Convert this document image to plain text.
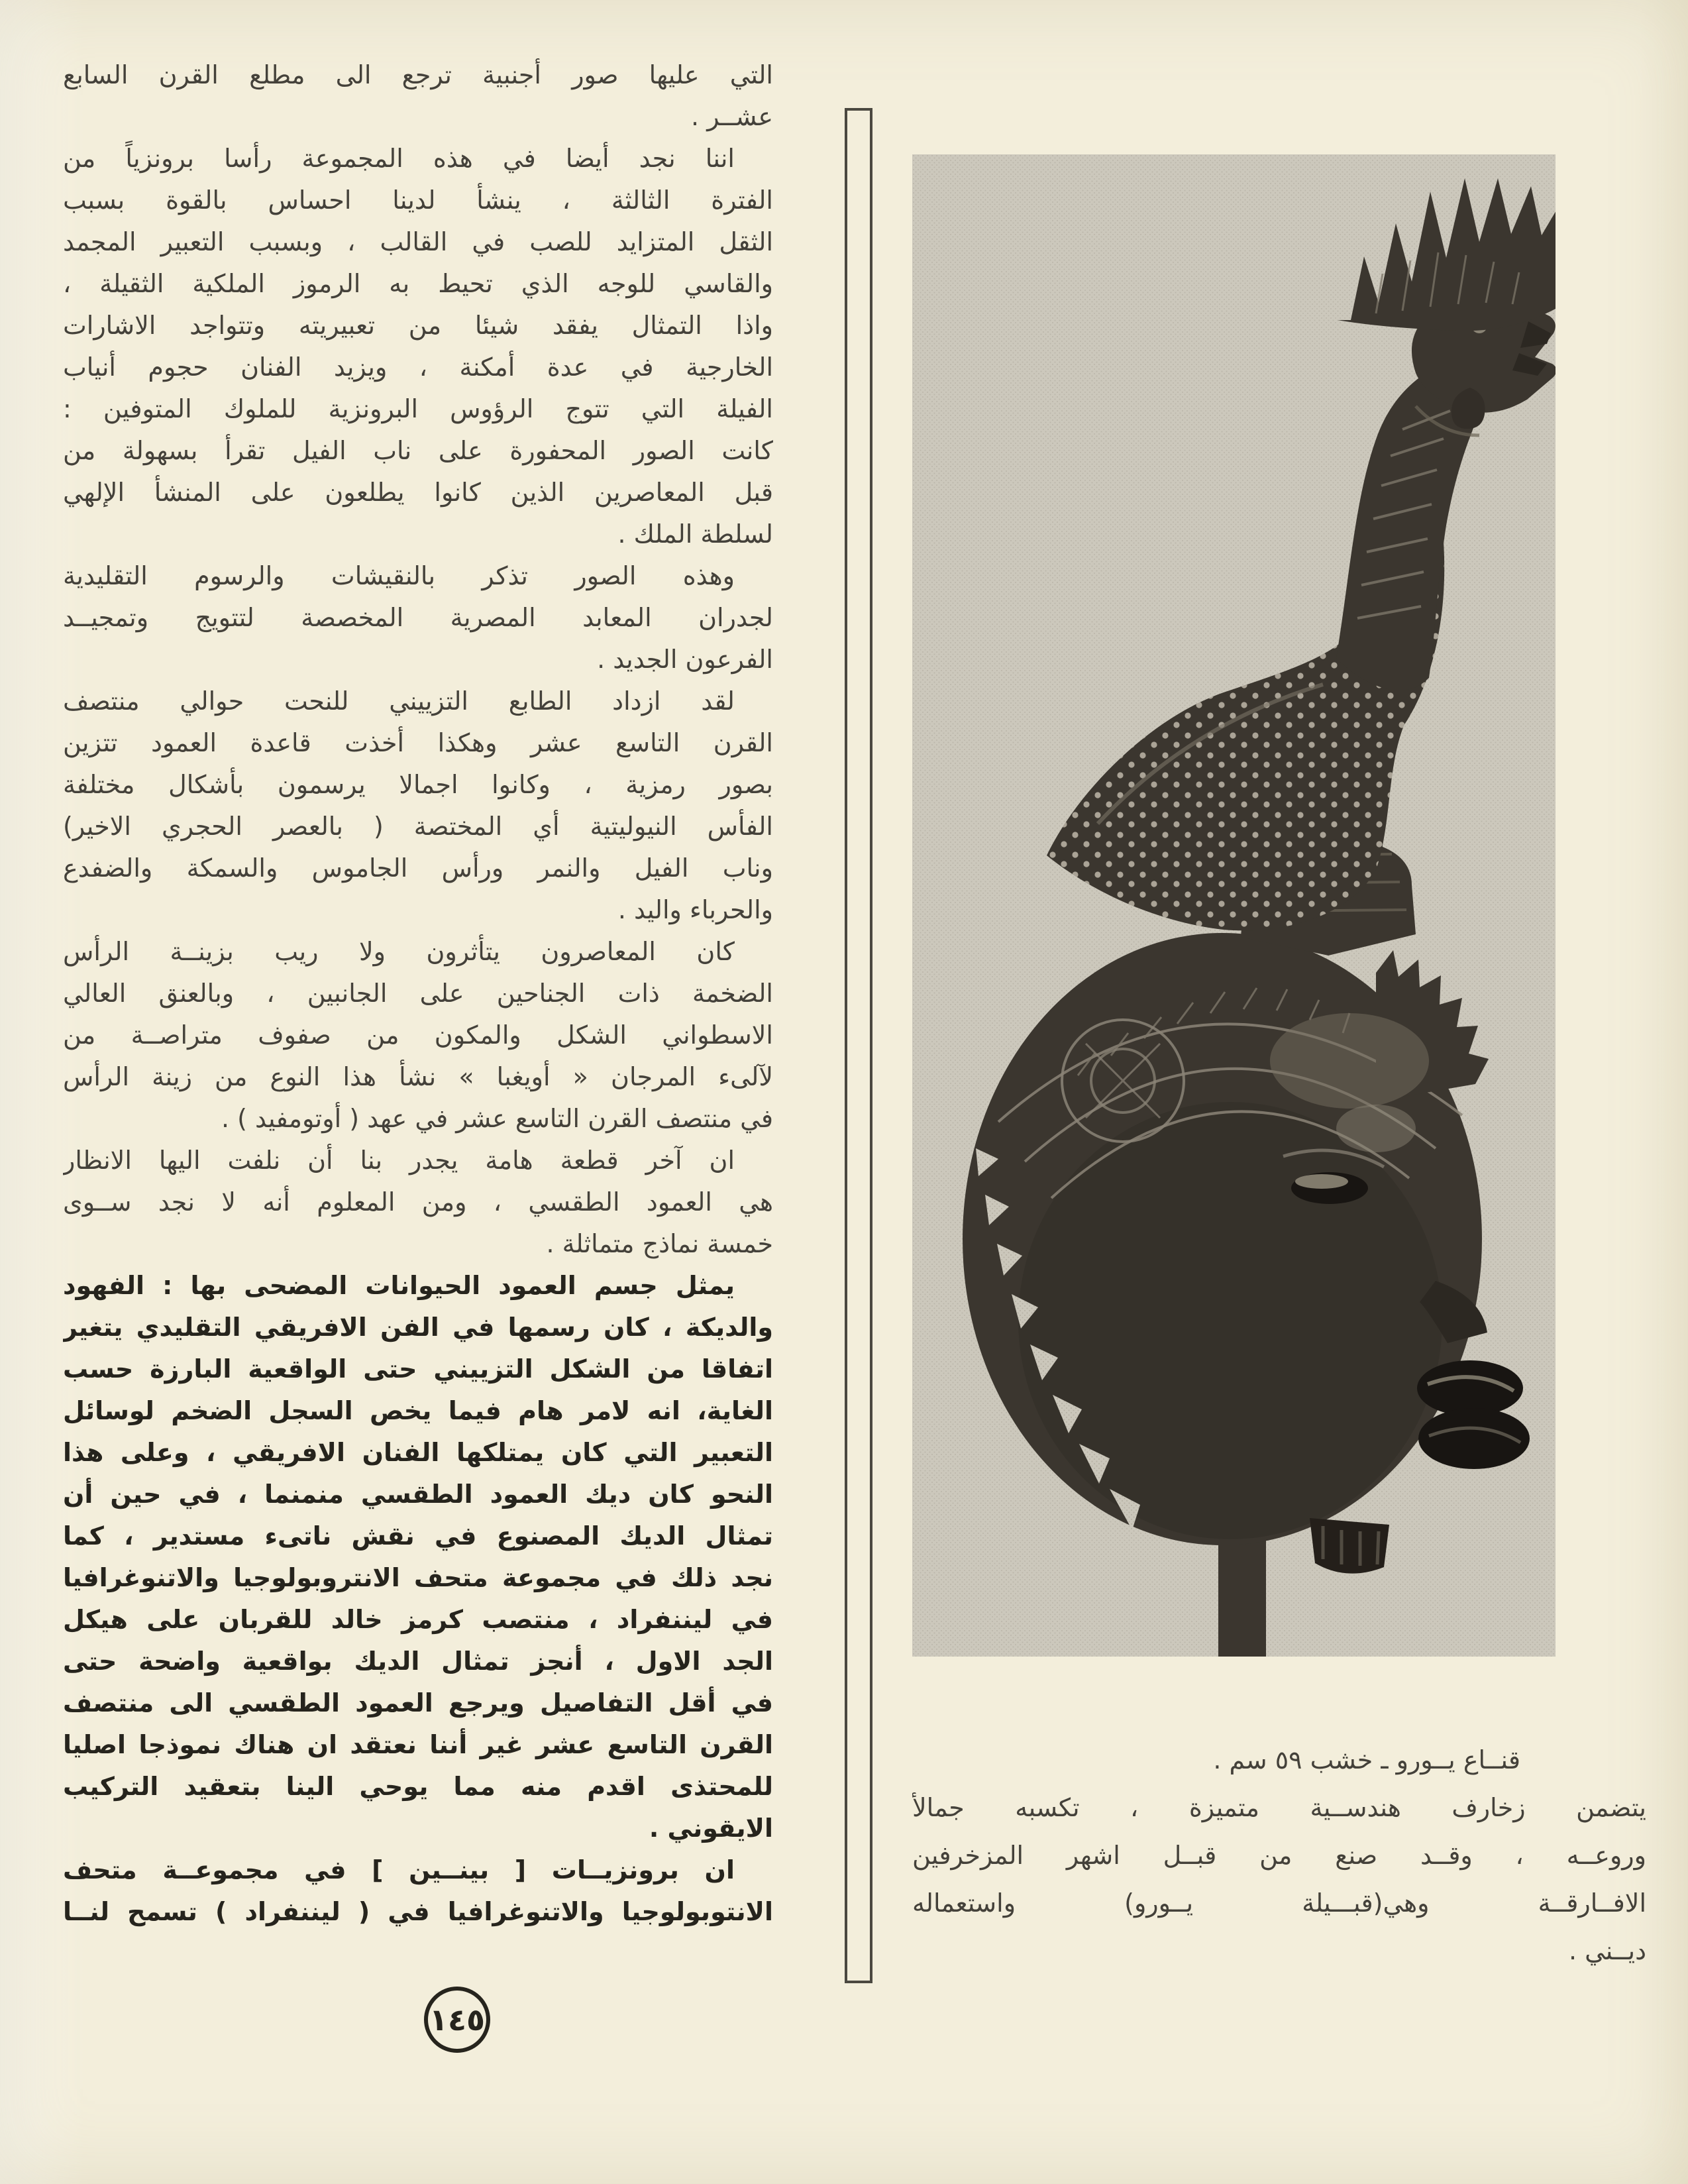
التي عليها صور أجنبية ترجع الى مطلع القرن السابع
عشــر .
اننا نجد أيضا في هذه المجموعة رأسا برونزياً من
الفترة الثالثة ، ينشأ لدينا احساس بالقوة بسبب
الثقل المتزايد للصب في القالب ، وبسبب التعبير المجمد
والقاسي للوجه الذي تحيط به الرموز الملكية الثقيلة ،
واذا التمثال يفقد شيئا من تعبيريته وتتواجد الاشارات
الخارجية في عدة أمكنة ، ويزيد الفنان حجوم أنياب
الفيلة التي تتوج الرؤوس البرونزية للملوك المتوفين :
كانت الصور المحفورة على ناب الفيل تقرأ بسهولة من
قبل المعاصرين الذين كانوا يطلعون على المنشأ الإلهي
لسلطة الملك .
وهذه الصور تذكر بالنقيشات والرسوم التقليدية
لجدران المعابد المصرية المخصصة لتتويج وتمجيــد
الفرعون الجديد .
لقد ازداد الطابع التزييني للنحت حوالي منتصف
القرن التاسع عشر وهكذا أخذت قاعدة العمود تتزين
بصور رمزية ، وكانوا اجمالا يرسمون بأشكال مختلفة
الفأس النيوليتية أي المختصة ( بالعصر الحجري الاخير)
وناب الفيل والنمر ورأس الجاموس والسمكة والضفدع
والحرباء واليد .
كان المعاصرون يتأثرون ولا ريب بزينــة الرأس
الضخمة ذات الجناحين على الجانبين ، وبالعنق العالي
الاسطواني الشكل والمكون من صفوف متراصــة من
لآلىء المرجان « أويغبا » نشأ هذا النوع من زينة الرأس
في منتصف القرن التاسع عشر في عهد ( أوتومفيد ) .
ان آخر قطعة هامة يجدر بنا أن نلفت اليها الانظار
هي العمود الطقسي ، ومن المعلوم أنه لا نجد ســوى
خمسة نماذج متماثلة .
يمثل جسم العمود الحيوانات المضحى بها : الفهود
والديكة ، كان رسمها في الفن الافريقي التقليدي يتغير
اتفاقا من الشكل التزييني حتى الواقعية البارزة حسب
الغاية، انه لامر هام فيما يخص السجل الضخم لوسائل
التعبير التي كان يمتلكها الفنان الافريقي ، وعلى هذا
النحو كان ديك العمود الطقسي منمنما ، في حين أن
تمثال الديك المصنوع في نقش ناتىء مستدير ، كما
نجد ذلك في مجموعة متحف الانتروبولوجيا والاتنوغرافيا
في ليننفراد ، منتصب كرمز خالد للقربان على هيكل
الجد الاول ، أنجز تمثال الديك بواقعية واضحة حتى
في أقل التفاصيل ويرجع العمود الطقسي الى منتصف
القرن التاسع عشر غير أننا نعتقد ان هناك نموذجا اصليا
للمحتذى اقدم منه مما يوحي الينا بتعقيد التركيب
الايقوني .
ان برونزيــات [ بينــين ] في مجموعــة متحف
الانتوبولوجيا والاتنوغرافيا في ( ليننفراد ) تسمح لنــا
قنــاع يــورو ـ خشب ٥٩ سم .
يتضمن زخارف هندســية متميزة ، تكسبه جمالأ
وروعــه ، وقــد صنع من قبــل اشهر المزخرفين
الافــارقــة وهي(قبـــيلة يــورو) واستعماله
ديــني .
١٤٥
